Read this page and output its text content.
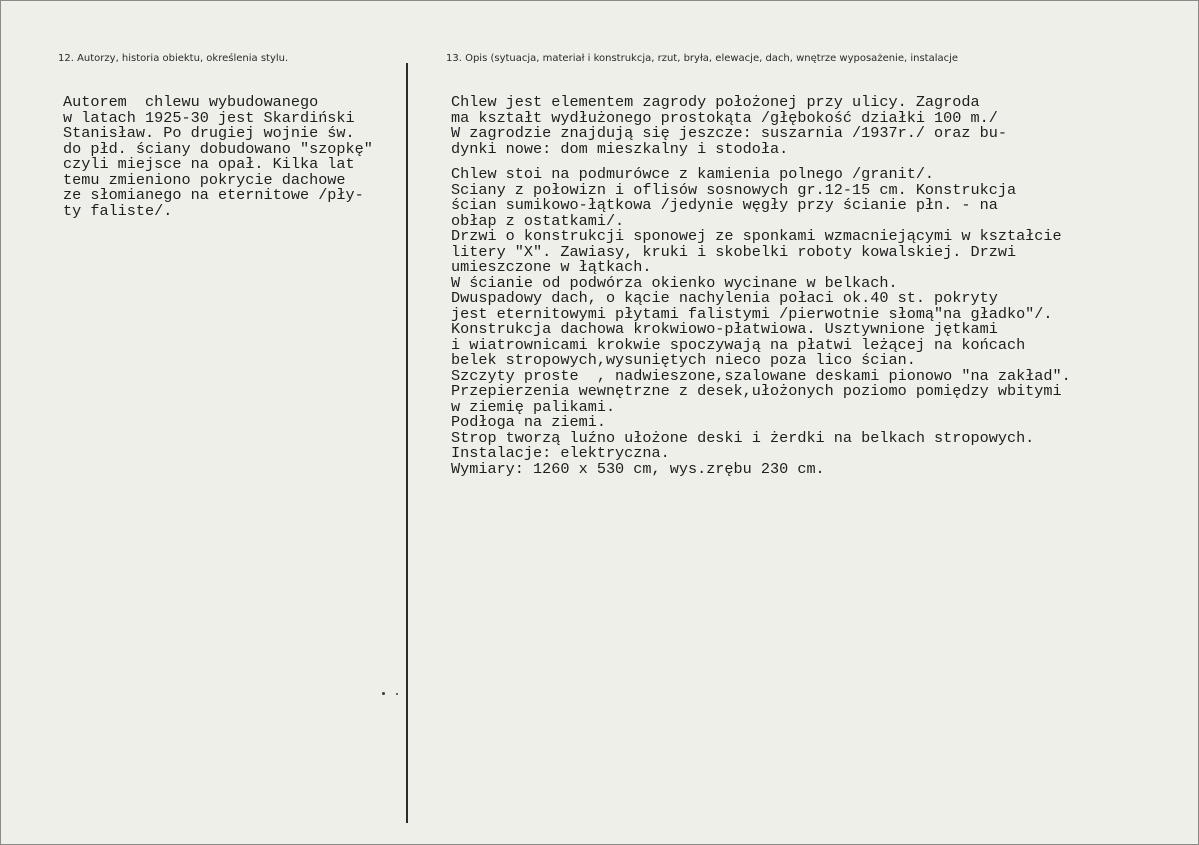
12. Autorzy, historia obiektu, określenia stylu.	13. Opis (sytuacja, materiał i konstrukcja, rzut, bryła, elewacje, dach, wnętrze wyposażenie, instalacje
Autorem  chlewu wybudowanego
w latach 1925-30 jest Skardiński
Stanisław. Po drugiej wojnie św.
do płd. ściany dobudowano "szopkę"
czyli miejsce na opał. Kilka lat
temu zmieniono pokrycie dachowe
ze słomianego na eternitowe /pły-
ty faliste/.
Chlew jest elementem zagrody położonej przy ulicy. Zagroda
ma kształt wydłużonego prostokąta /głębokość działki 100 m./
W zagrodzie znajdują się jeszcze: suszarnia /1937r./ oraz bu-
dynki nowe: dom mieszkalny i stodoła.
Chlew stoi na podmurówce z kamienia polnego /granit/.
Sciany z połowizn i oflisów sosnowych gr.12-15 cm. Konstrukcja
ścian sumikowo-łątkowa /jedynie węgły przy ścianie płn. - na
obłap z ostatkami/.
Drzwi o konstrukcji sponowej ze sponkami wzmacniejącymi w kształcie
litery "X". Zawiasy, kruki i skobelki roboty kowalskiej. Drzwi
umieszczone w łątkach.
W ścianie od podwórza okienko wycinane w belkach.
Dwuspadowy dach, o kącie nachylenia połaci ok.40 st. pokryty
jest eternitowymi płytami falistymi /pierwotnie słomą"na gładko"/.
Konstrukcja dachowa krokwiowo-płatwiowa. Usztywnione jętkami
i wiatrownicami krokwie spoczywają na płatwi leżącej na końcach
belek stropowych,wysuniętych nieco poza lico ścian.
Szczyty proste  , nadwieszone,szalowane deskami pionowo "na zakład".
Przepierzenia wewnętrzne z desek,ułożonych poziomo pomiędzy wbitymi
w ziemię palikami.
Podłoga na ziemi.
Strop tworzą luźno ułożone deski i żerdki na belkach stropowych.
Instalacje: elektryczna.
Wymiary: 1260 x 530 cm, wys.zrębu 230 cm.
